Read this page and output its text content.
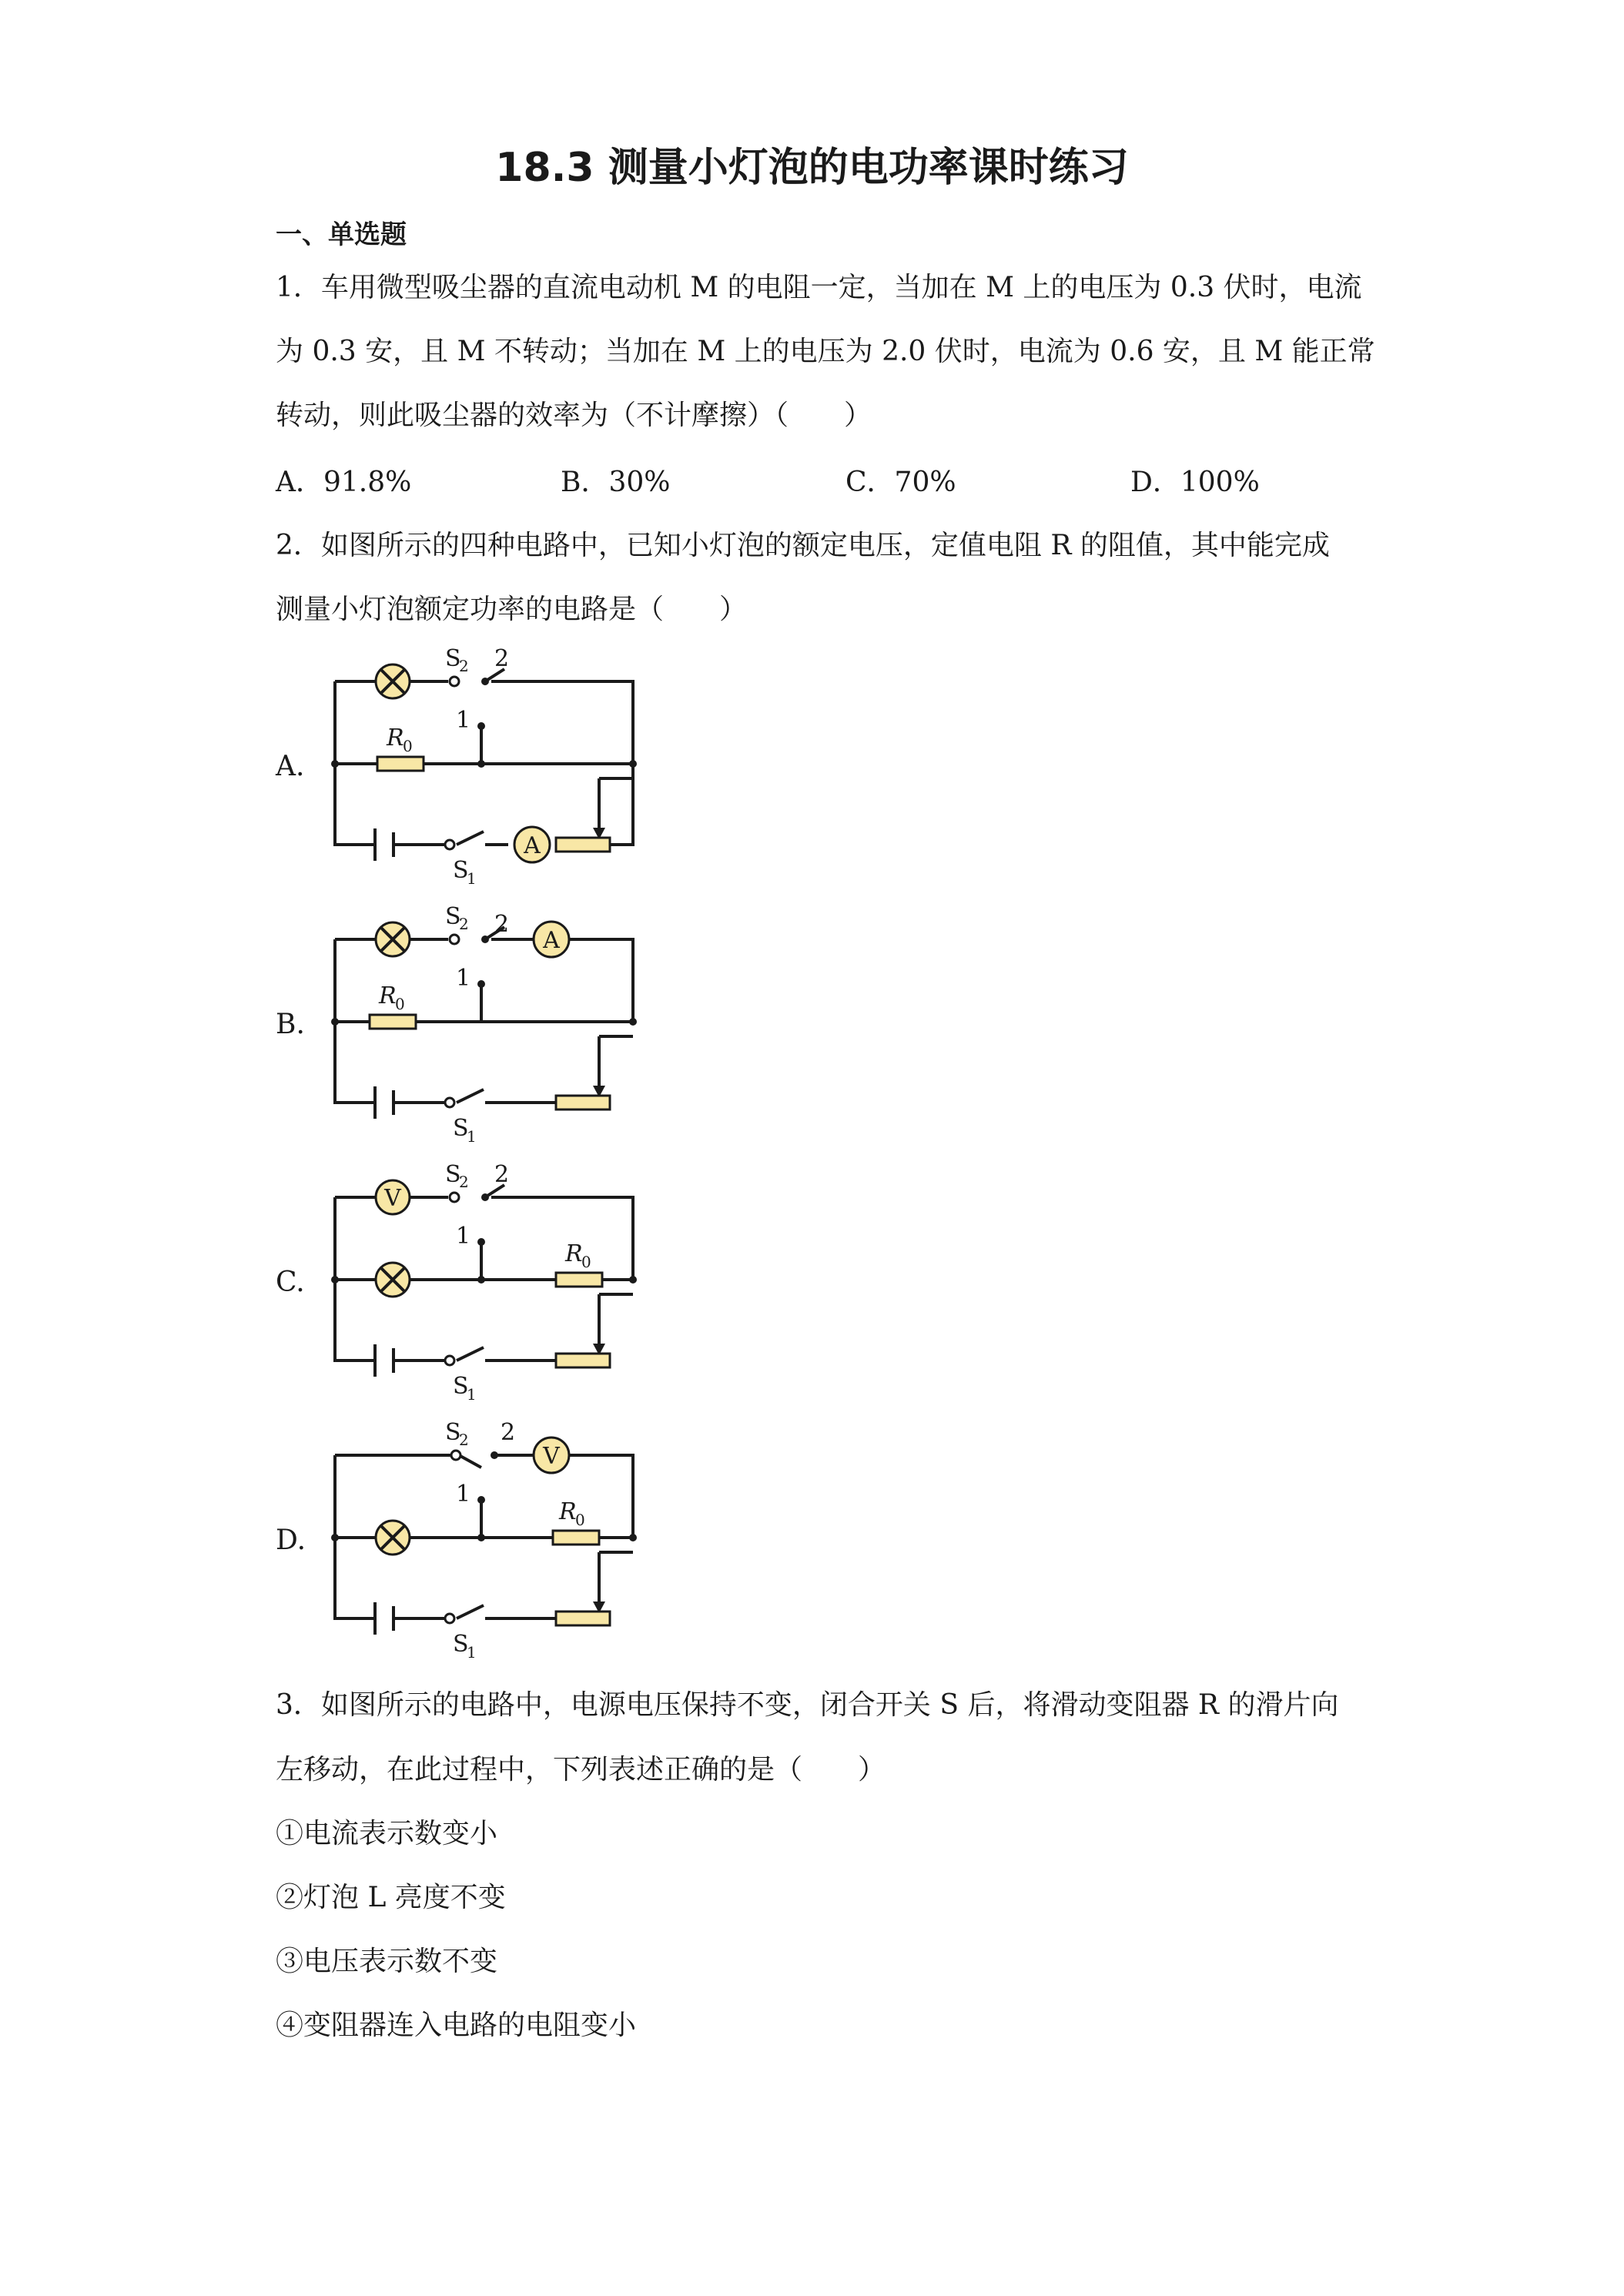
18.3 测量小灯泡的电功率课时练习
一、单选题
1．车用微型吸尘器的直流电动机 M 的电阻一定，当加在 M 上的电压为 0.3 伏时，电流
为 0.3 安，且 M 不转动；当加在 M 上的电压为 2.0 伏时，电流为 0.6 安，且 M 能正常
转动，则此吸尘器的效率为（不计摩擦）（　　）
A．91.8%	B．30%	C．70%	D．100%
2．如图所示的四种电路中，已知小灯泡的额定电压，定值电阻 R 的阻值，其中能完成
测量小灯泡额定功率的电路是（　　）
A.
A
S
2 2
1
R
0
S
1
B.
A
S
2 2
1
R
0
S
1
C.
V
S
2 2
1
R
0
S
1
D.
V
S
2 2
1
R
0
S
1
3．如图所示的电路中，电源电压保持不变，闭合开关 S 后，将滑动变阻器 R 的滑片向
左移动，在此过程中，下列表述正确的是（　　）
①电流表示数变小
②灯泡 L 亮度不变
③电压表示数不变
④变阻器连入电路的电阻变小
